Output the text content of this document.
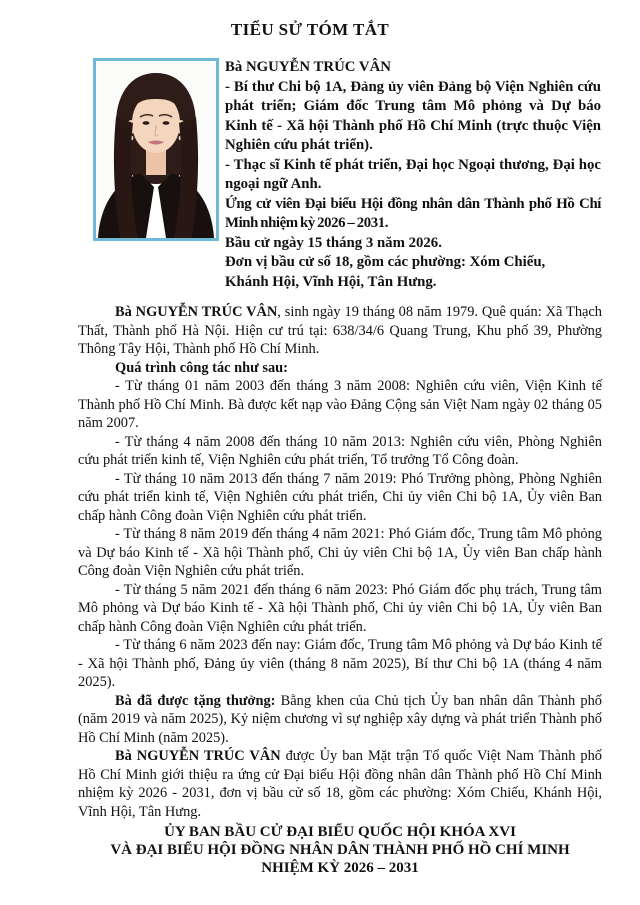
TIỂU SỬ TÓM TẮT

Bà NGUYỄN TRÚC VÂN

- Bí thư Chi bộ 1A, Đảng ủy viên Đảng bộ Viện Nghiên cứu phát triển; Giám đốc Trung tâm Mô phỏng và Dự báo Kinh tế - Xã hội Thành phố Hồ Chí Minh (trực thuộc Viện Nghiên cứu phát triển).

- Thạc sĩ Kinh tế phát triển, Đại học Ngoại thương, Đại học ngoại ngữ Anh.

Ứng cử viên Đại biểu Hội đồng nhân dân Thành phố Hồ Chí Minh nhiệm kỳ 2026 – 2031.

Bầu cử ngày 15 tháng 3 năm 2026.

Đơn vị bầu cử số 18, gồm các phường: Xóm Chiếu,

Khánh Hội, Vĩnh Hội, Tân Hưng.

Bà NGUYỄN TRÚC VÂN, sinh ngày 19 tháng 08 năm 1979. Quê quán: Xã Thạch Thất, Thành phố Hà Nội. Hiện cư trú tại: 638/34/6 Quang Trung, Khu phố 39, Phường Thông Tây Hội, Thành phố Hồ Chí Minh.

Quá trình công tác như sau:

- Từ tháng 01 năm 2003 đến tháng 3 năm 2008: Nghiên cứu viên, Viện Kinh tế Thành phố Hồ Chí Minh. Bà được kết nạp vào Đảng Cộng sản Việt Nam ngày 02 tháng 05 năm 2007.

- Từ tháng 4 năm 2008 đến tháng 10 năm 2013: Nghiên cứu viên, Phòng Nghiên cứu phát triển kinh tế, Viện Nghiên cứu phát triển, Tổ trưởng Tổ Công đoàn.

- Từ tháng 10 năm 2013 đến tháng 7 năm 2019: Phó Trưởng phòng, Phòng Nghiên cứu phát triển kinh tế, Viện Nghiên cứu phát triển, Chi ủy viên Chi bộ 1A, Ủy viên Ban chấp hành Công đoàn Viện Nghiên cứu phát triển.

- Từ tháng 8 năm 2019 đến tháng 4 năm 2021: Phó Giám đốc, Trung tâm Mô phỏng và Dự báo Kinh tế - Xã hội Thành phố, Chi ủy viên Chi bộ 1A, Ủy viên Ban chấp hành Công đoàn Viện Nghiên cứu phát triển.

- Từ tháng 5 năm 2021 đến tháng 6 năm 2023: Phó Giám đốc phụ trách, Trung tâm Mô phỏng và Dự báo Kinh tế - Xã hội Thành phố, Chi ủy viên Chi bộ 1A, Ủy viên Ban chấp hành Công đoàn Viện Nghiên cứu phát triển.

- Từ tháng 6 năm 2023 đến nay: Giám đốc, Trung tâm Mô phỏng và Dự báo Kinh tế - Xã hội Thành phố, Đảng ủy viên (tháng 8 năm 2025), Bí thư Chi bộ 1A (tháng 4 năm 2025).

Bà đã được tặng thưởng: Bằng khen của Chủ tịch Ủy ban nhân dân Thành phố (năm 2019 và năm 2025), Kỷ niệm chương vì sự nghiệp xây dựng và phát triển Thành phố Hồ Chí Minh (năm 2025).

Bà NGUYỄN TRÚC VÂN được Ủy ban Mặt trận Tổ quốc Việt Nam Thành phố Hồ Chí Minh giới thiệu ra ứng cử Đại biểu Hội đồng nhân dân Thành phố Hồ Chí Minh nhiệm kỳ 2026 - 2031, đơn vị bầu cử số 18, gồm các phường: Xóm Chiếu, Khánh Hội, Vĩnh Hội, Tân Hưng.

ỦY BAN BẦU CỬ ĐẠI BIỂU QUỐC HỘI KHÓA XVI
VÀ ĐẠI BIỂU HỘI ĐỒNG NHÂN DÂN THÀNH PHỐ HỒ CHÍ MINH
NHIỆM KỲ 2026 – 2031
